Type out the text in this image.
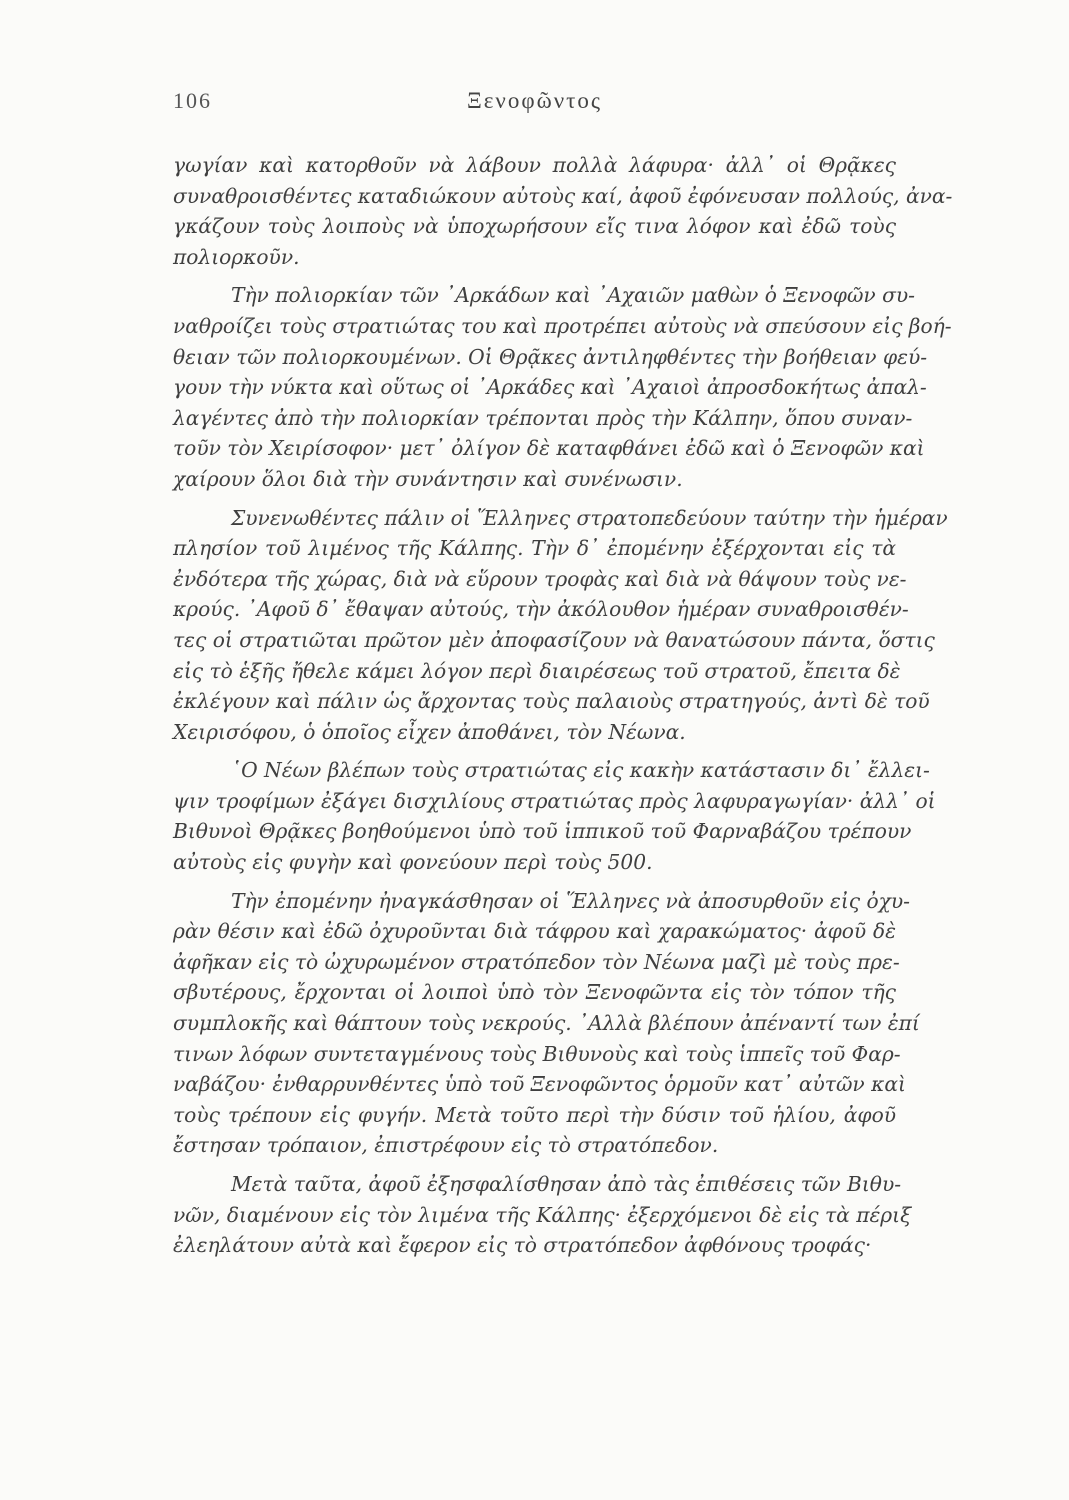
106	Ξενοφῶντος
γωγίαν καὶ κατορθοῦν νὰ λάβουν πολλὰ λάφυρα· ἀλλ᾽ οἱ Θρᾷκες
συναθροισθέντες καταδιώκουν αὐτοὺς καί, ἀφοῦ ἐφόνευσαν πολλούς, ἀνα-
γκάζουν τοὺς λοιποὺς νὰ ὑποχωρήσουν εἴς τινα λόφον καὶ ἐδῶ τοὺς
πολιορκοῦν.
Τὴν πολιορκίαν τῶν ᾿Αρκάδων καὶ ᾿Αχαιῶν μαθὼν ὁ Ξενοφῶν συ-
ναθροίζει τοὺς στρατιώτας του καὶ προτρέπει αὐτοὺς νὰ σπεύσουν εἰς βοή-
θειαν τῶν πολιορκουμένων. Οἱ Θρᾷκες ἀντιληφθέντες τὴν βοήθειαν φεύ-
γουν τὴν νύκτα καὶ οὕτως οἱ ᾿Αρκάδες καὶ ᾿Αχαιοὶ ἀπροσδοκήτως ἀπαλ-
λαγέντες ἀπὸ τὴν πολιορκίαν τρέπονται πρὸς τὴν Κάλπην, ὅπου συναν-
τοῦν τὸν Χειρίσοφον· μετ᾽ ὀλίγον δὲ καταφθάνει ἐδῶ καὶ ὁ Ξενοφῶν καὶ
χαίρουν ὅλοι διὰ τὴν συνάντησιν καὶ συνένωσιν.
Συνενωθέντες πάλιν οἱ Ἕλληνες στρατοπεδεύουν ταύτην τὴν ἡμέραν
πλησίον τοῦ λιμένος τῆς Κάλπης. Τὴν δ᾽ ἐπομένην ἐξέρχονται εἰς τὰ
ἐνδότερα τῆς χώρας, διὰ νὰ εὕρουν τροφὰς καὶ διὰ νὰ θάψουν τοὺς νε-
κρούς. ᾿Αφοῦ δ᾽ ἔθαψαν αὐτούς, τὴν ἀκόλουθον ἡμέραν συναθροισθέν-
τες οἱ στρατιῶται πρῶτον μὲν ἀποφασίζουν νὰ θανατώσουν πάντα, ὅστις
εἰς τὸ ἑξῆς ἤθελε κάμει λόγον περὶ διαιρέσεως τοῦ στρατοῦ, ἔπειτα δὲ
ἐκλέγουν καὶ πάλιν ὡς ἄρχοντας τοὺς παλαιοὺς στρατηγούς, ἀντὶ δὲ τοῦ
Χειρισόφου, ὁ ὁποῖος εἶχεν ἀποθάνει, τὸν Νέωνα.
῾Ο Νέων βλέπων τοὺς στρατιώτας εἰς κακὴν κατάστασιν δι᾽ ἔλλει-
ψιν τροφίμων ἐξάγει δισχιλίους στρατιώτας πρὸς λαφυραγωγίαν· ἀλλ᾽ οἱ
Βιθυνοὶ Θρᾷκες βοηθούμενοι ὑπὸ τοῦ ἱππικοῦ τοῦ Φαρναβάζου τρέπουν
αὐτοὺς εἰς φυγὴν καὶ φονεύουν περὶ τοὺς 500.
Τὴν ἐπομένην ἠναγκάσθησαν οἱ Ἕλληνες νὰ ἀποσυρθοῦν εἰς ὀχυ-
ρὰν θέσιν καὶ ἐδῶ ὀχυροῦνται διὰ τάφρου καὶ χαρακώματος· ἀφοῦ δὲ
ἀφῆκαν εἰς τὸ ὠχυρωμένον στρατόπεδον τὸν Νέωνα μαζὶ μὲ τοὺς πρε-
σβυτέρους, ἔρχονται οἱ λοιποὶ ὑπὸ τὸν Ξενοφῶντα εἰς τὸν τόπον τῆς
συμπλοκῆς καὶ θάπτουν τοὺς νεκρούς. ᾿Αλλὰ βλέπουν ἀπέναντί των ἐπί
τινων λόφων συντεταγμένους τοὺς Βιθυνοὺς καὶ τοὺς ἱππεῖς τοῦ Φαρ-
ναβάζου· ἐνθαρρυνθέντες ὑπὸ τοῦ Ξενοφῶντος ὁρμοῦν κατ᾽ αὐτῶν καὶ
τοὺς τρέπουν εἰς φυγήν. Μετὰ τοῦτο περὶ τὴν δύσιν τοῦ ἡλίου, ἀφοῦ
ἔστησαν τρόπαιον, ἐπιστρέφουν εἰς τὸ στρατόπεδον.
Μετὰ ταῦτα, ἀφοῦ ἐξησφαλίσθησαν ἀπὸ τὰς ἐπιθέσεις τῶν Βιθυ-
νῶν, διαμένουν εἰς τὸν λιμένα τῆς Κάλπης· ἐξερχόμενοι δὲ εἰς τὰ πέριξ
ἐλεηλάτουν αὐτὰ καὶ ἔφερον εἰς τὸ στρατόπεδον ἀφθόνους τροφάς·
